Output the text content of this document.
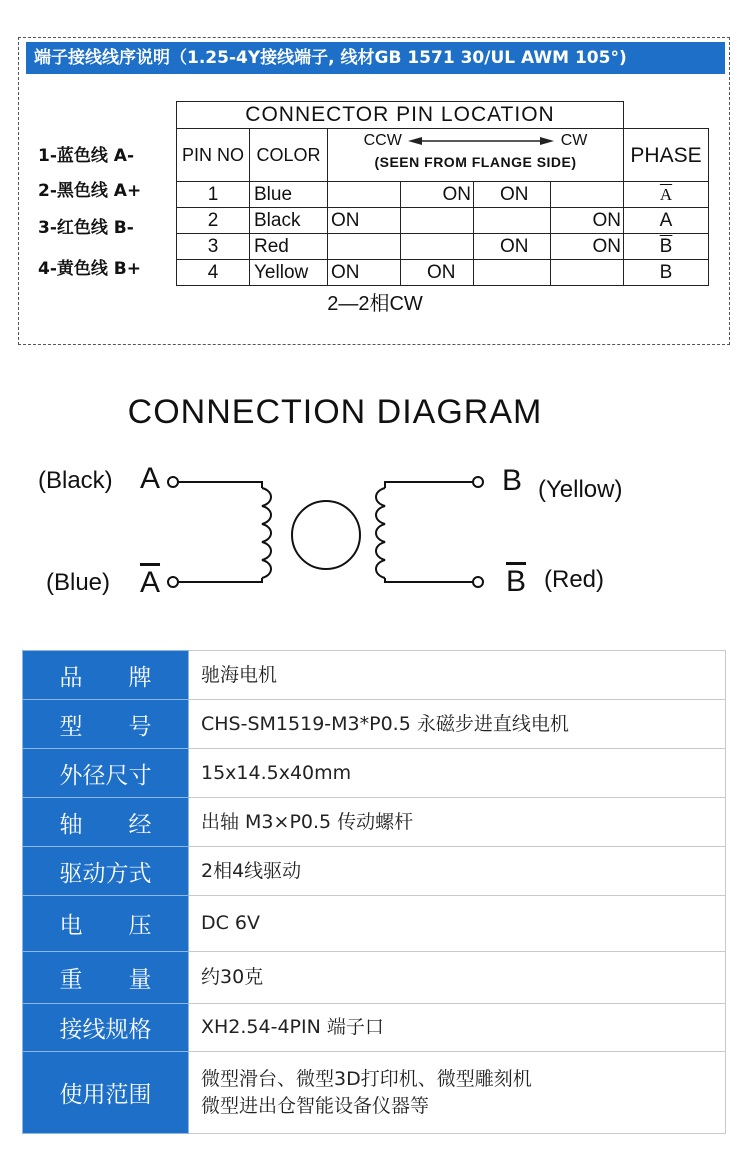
端子接线线序说明（1.25-4Y接线端子, 线材GB 1571 30/UL AWM 105°)
1-蓝色线 A-
2-黑色线 A+
3-红色线 B-
4-黄色线 B+
CONNECTOR PIN LOCATION						
PIN NO	COLOR	CCW CW
(SEEN FROM FLANGE SIDE)				PHASE
1	Blue		ON	ON		$\overline{A}$
2	Black	ON			ON	A
3	Red			ON	ON	$\overline{B}$
4	Yellow	ON	ON			B
2—2相CW
CONNECTION DIAGRAM
(Black) A
(Blue) $\overline{A}$
B (Yellow)
$\overline{B}$ (Red)
品　　牌	驰海电机
型　　号	CHS-SM1519-M3*P0.5 永磁步进直线电机
外径尺寸	15x14.5x40mm
轴　　经	出轴 M3×P0.5 传动螺杆
驱动方式	2相4线驱动
电　　压	DC 6V
重　　量	约30克
接线规格	XH2.54-4PIN 端子口
使用范围	微型滑台、微型3D打印机、微型雕刻机
微型进出仓智能设备仪器等
